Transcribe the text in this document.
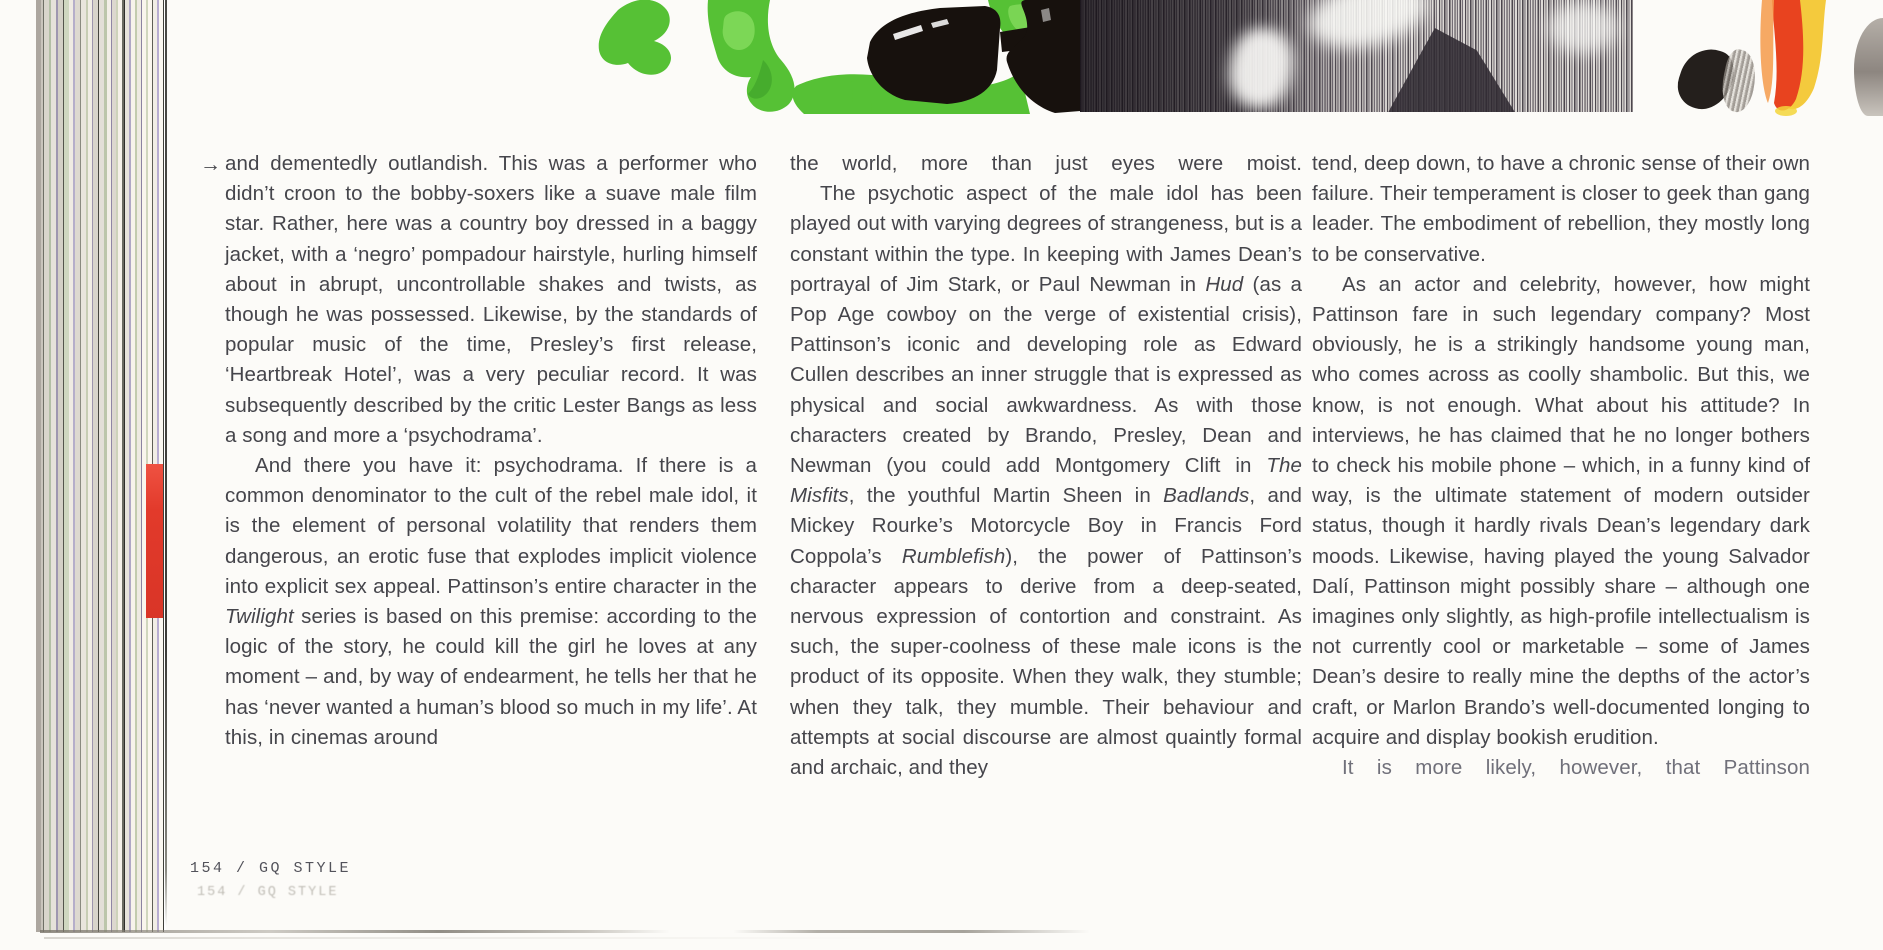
→ and dementedly outlandish. This was a performer who didn’t croon to the bobby-soxers like a suave male film star. Rather, here was a country boy dressed in a baggy jacket, with a ‘negro’ pompadour hairstyle, hurling himself about in abrupt, uncontrollable shakes and twists, as though he was possessed. Likewise, by the standards of popular music of the time, Presley’s first release, ‘Heartbreak Hotel’, was a very peculiar record. It was subsequently described by the critic Lester Bangs as less a song and more a ‘psychodrama’.

And there you have it: psychodrama. If there is a common denominator to the cult of the rebel male idol, it is the element of personal volatility that renders them dangerous, an erotic fuse that explodes implicit violence into explicit sex appeal. Pattinson’s entire character in the Twilight series is based on this premise: according to the logic of the story, he could kill the girl he loves at any moment – and, by way of endearment, he tells her that he has ‘never wanted a human’s blood so much in my life’. At this, in cinemas around

the world, more than just eyes were moist.

The psychotic aspect of the male idol has been played out with varying degrees of strangeness, but is a constant within the type. In keeping with James Dean’s portrayal of Jim Stark, or Paul Newman in Hud (as a Pop Age cowboy on the verge of existential crisis), Pattinson’s iconic and developing role as Edward Cullen describes an inner struggle that is expressed as physical and social awkwardness. As with those characters created by Brando, Presley, Dean and Newman (you could add Montgomery Clift in The Misfits, the youthful Martin Sheen in Badlands, and Mickey Rourke’s Motorcycle Boy in Francis Ford Coppola’s Rumblefish), the power of Pattinson’s character appears to derive from a deep-seated, nervous expression of contortion and constraint. As such, the super-coolness of these male icons is the product of its opposite. When they walk, they stumble; when they talk, they mumble. Their behaviour and attempts at social discourse are almost quaintly formal and archaic, and they

tend, deep down, to have a chronic sense of their own failure. Their temperament is closer to geek than gang leader. The embodiment of rebellion, they mostly long to be conservative.

As an actor and celebrity, however, how might Pattinson fare in such legendary company? Most obviously, he is a strikingly handsome young man, who comes across as coolly shambolic. But this, we know, is not enough. What about his attitude? In interviews, he has claimed that he no longer bothers to check his mobile phone – which, in a funny kind of way, is the ultimate statement of modern outsider status, though it hardly rivals Dean’s legendary dark moods. Likewise, having played the young Salvador Dalí, Pattinson might possibly share – although one imagines only slightly, as high-profile intellectualism is not currently cool or marketable – some of James Dean’s desire to really mine the depths of the actor’s craft, or Marlon Brando’s well-documented longing to acquire and display bookish erudition.

It is more likely, however, that Pattinson

154 / GQ STYLE
154 / GQ STYLE
